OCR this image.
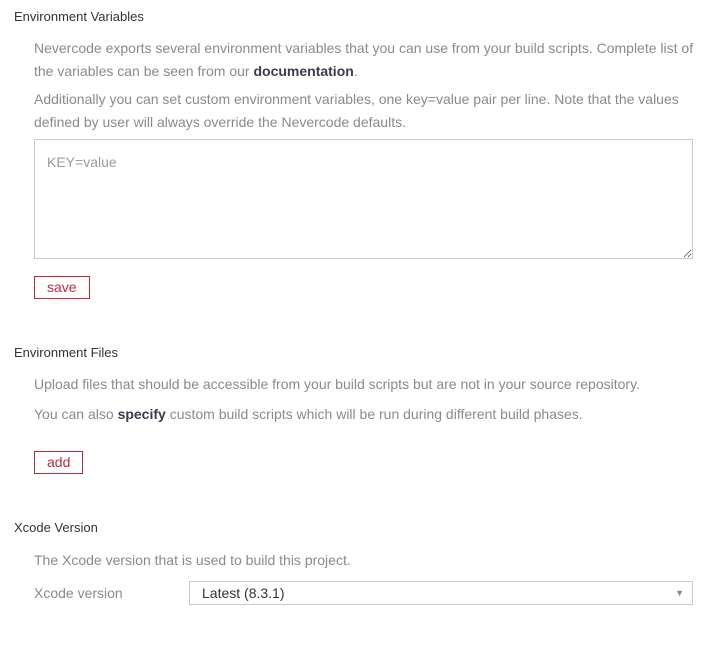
Environment Variables

Nevercode exports several environment variables that you can use from your build scripts. Complete list of the variables can be seen from our documentation.

Additionally you can set custom environment variables, one key=value pair per line. Note that the values defined by user will always override the Nevercode defaults.

KEY=value
save
Environment Files

Upload files that should be accessible from your build scripts but are not in your source repository.

You can also specify custom build scripts which will be run during different build phases.

add
Xcode Version

The Xcode version that is used to build this project.

Xcode version	Latest (8.3.1)	▼
